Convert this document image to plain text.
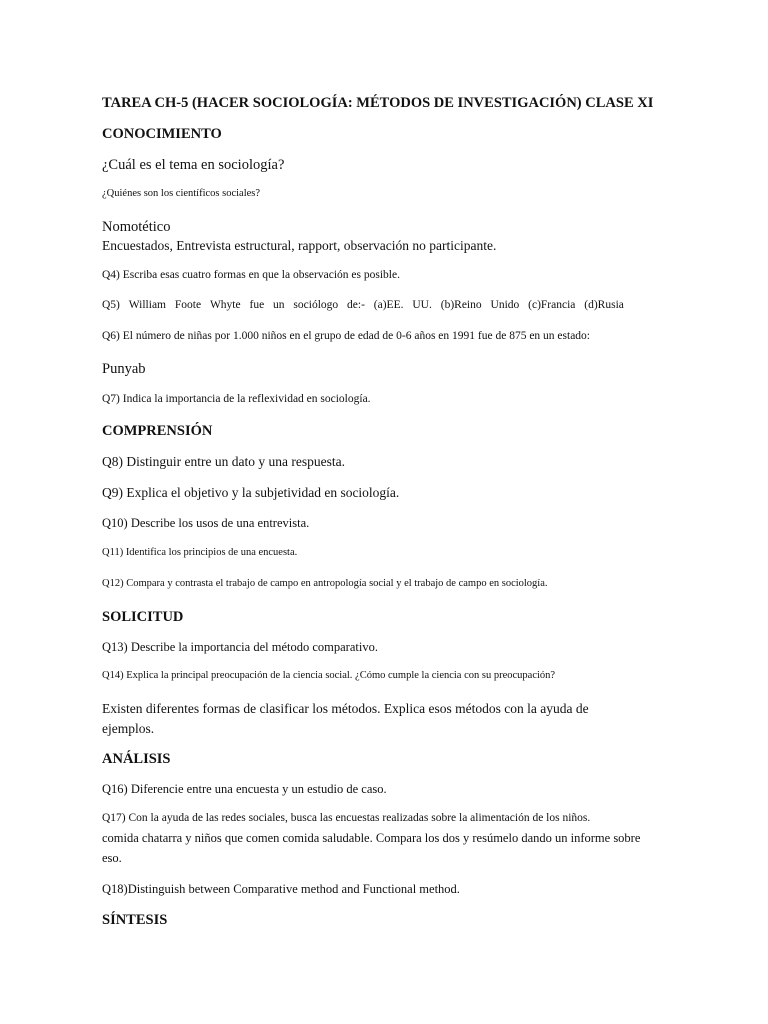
TAREA CH-5 (HACER SOCIOLOGÍA: MÉTODOS DE INVESTIGACIÓN) CLASE XI
CONOCIMIENTO
¿Cuál es el tema en sociología?
¿Quiénes son los científicos sociales?
Nomotético
Encuestados, Entrevista estructural, rapport, observación no participante.
Q4) Escriba esas cuatro formas en que la observación es posible.
Q5) William Foote Whyte fue un sociólogo de:- (a)EE. UU. (b)Reino Unido (c)Francia (d)Rusia
Q6) El número de niñas por 1.000 niños en el grupo de edad de 0-6 años en 1991 fue de 875 en un estado:
Punyab
Q7) Indica la importancia de la reflexividad en sociología.
COMPRENSIÓN
Q8) Distinguir entre un dato y una respuesta.
Q9) Explica el objetivo y la subjetividad en sociología.
Q10) Describe los usos de una entrevista.
Q11) Identifica los principios de una encuesta.
Q12) Compara y contrasta el trabajo de campo en antropología social y el trabajo de campo en sociología.
SOLICITUD
Q13) Describe la importancia del método comparativo.
Q14) Explica la principal preocupación de la ciencia social. ¿Cómo cumple la ciencia con su preocupación?
Existen diferentes formas de clasificar los métodos. Explica esos métodos con la ayuda de
ejemplos.
ANÁLISIS
Q16) Diferencie entre una encuesta y un estudio de caso.
Q17) Con la ayuda de las redes sociales, busca las encuestas realizadas sobre la alimentación de los niños.
comida chatarra y niños que comen comida saludable. Compara los dos y resúmelo dando un informe sobre
eso.
Q18)Distinguish between Comparative method and Functional method.
SÍNTESIS
